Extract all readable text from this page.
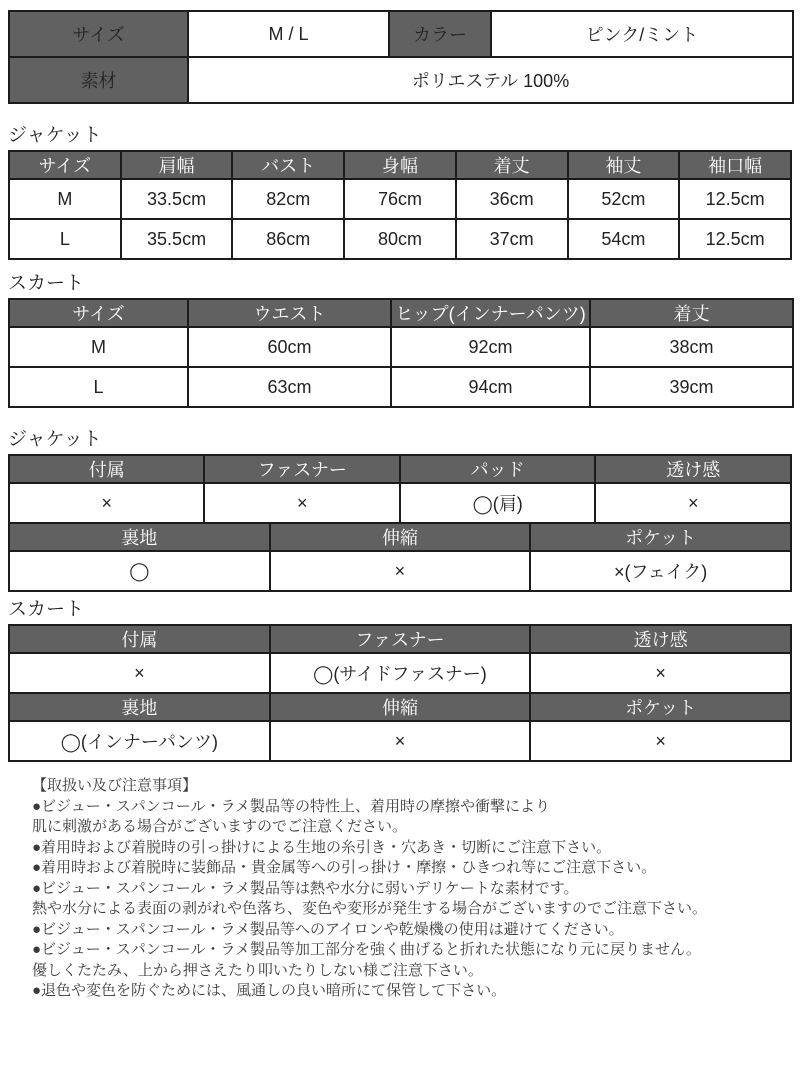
サイズ	M / L	カラー	ピンク/ミント
素材	ポリエステル 100%		
ジャケット
サイズ	肩幅	バスト	身幅	着丈	袖丈	袖口幅
M	33.5cm	82cm	76cm	36cm	52cm	12.5cm
L	35.5cm	86cm	80cm	37cm	54cm	12.5cm
スカート
サイズ	ウエスト	ヒップ(インナーパンツ)	着丈
M	60cm	92cm	38cm
L	63cm	94cm	39cm
ジャケット
付属	ファスナー		パッド		透け感
×	×		◯(肩)		×
裏地		伸縮		ポケット	
◯		×		×(フェイク)	
スカート
付属	ファスナー	透け感
×	◯(サイドファスナー)	×
裏地	伸縮	ポケット
◯(インナーパンツ)	×	×
【取扱い及び注意事項】
●ビジュー・スパンコール・ラメ製品等の特性上、着用時の摩擦や衝撃により
肌に刺激がある場合がございますのでご注意ください。
●着用時および着脱時の引っ掛けによる生地の糸引き・穴あき・切断にご注意下さい。
●着用時および着脱時に装飾品・貴金属等への引っ掛け・摩擦・ひきつれ等にご注意下さい。
●ビジュー・スパンコール・ラメ製品等は熱や水分に弱いデリケートな素材です。
熱や水分による表面の剥がれや色落ち、変色や変形が発生する場合がございますのでご注意下さい。
●ビジュー・スパンコール・ラメ製品等へのアイロンや乾燥機の使用は避けてください。
●ビジュー・スパンコール・ラメ製品等加工部分を強く曲げると折れた状態になり元に戻りません。
優しくたたみ、上から押さえたり叩いたりしない様ご注意下さい。
●退色や変色を防ぐためには、風通しの良い暗所にて保管して下さい。
